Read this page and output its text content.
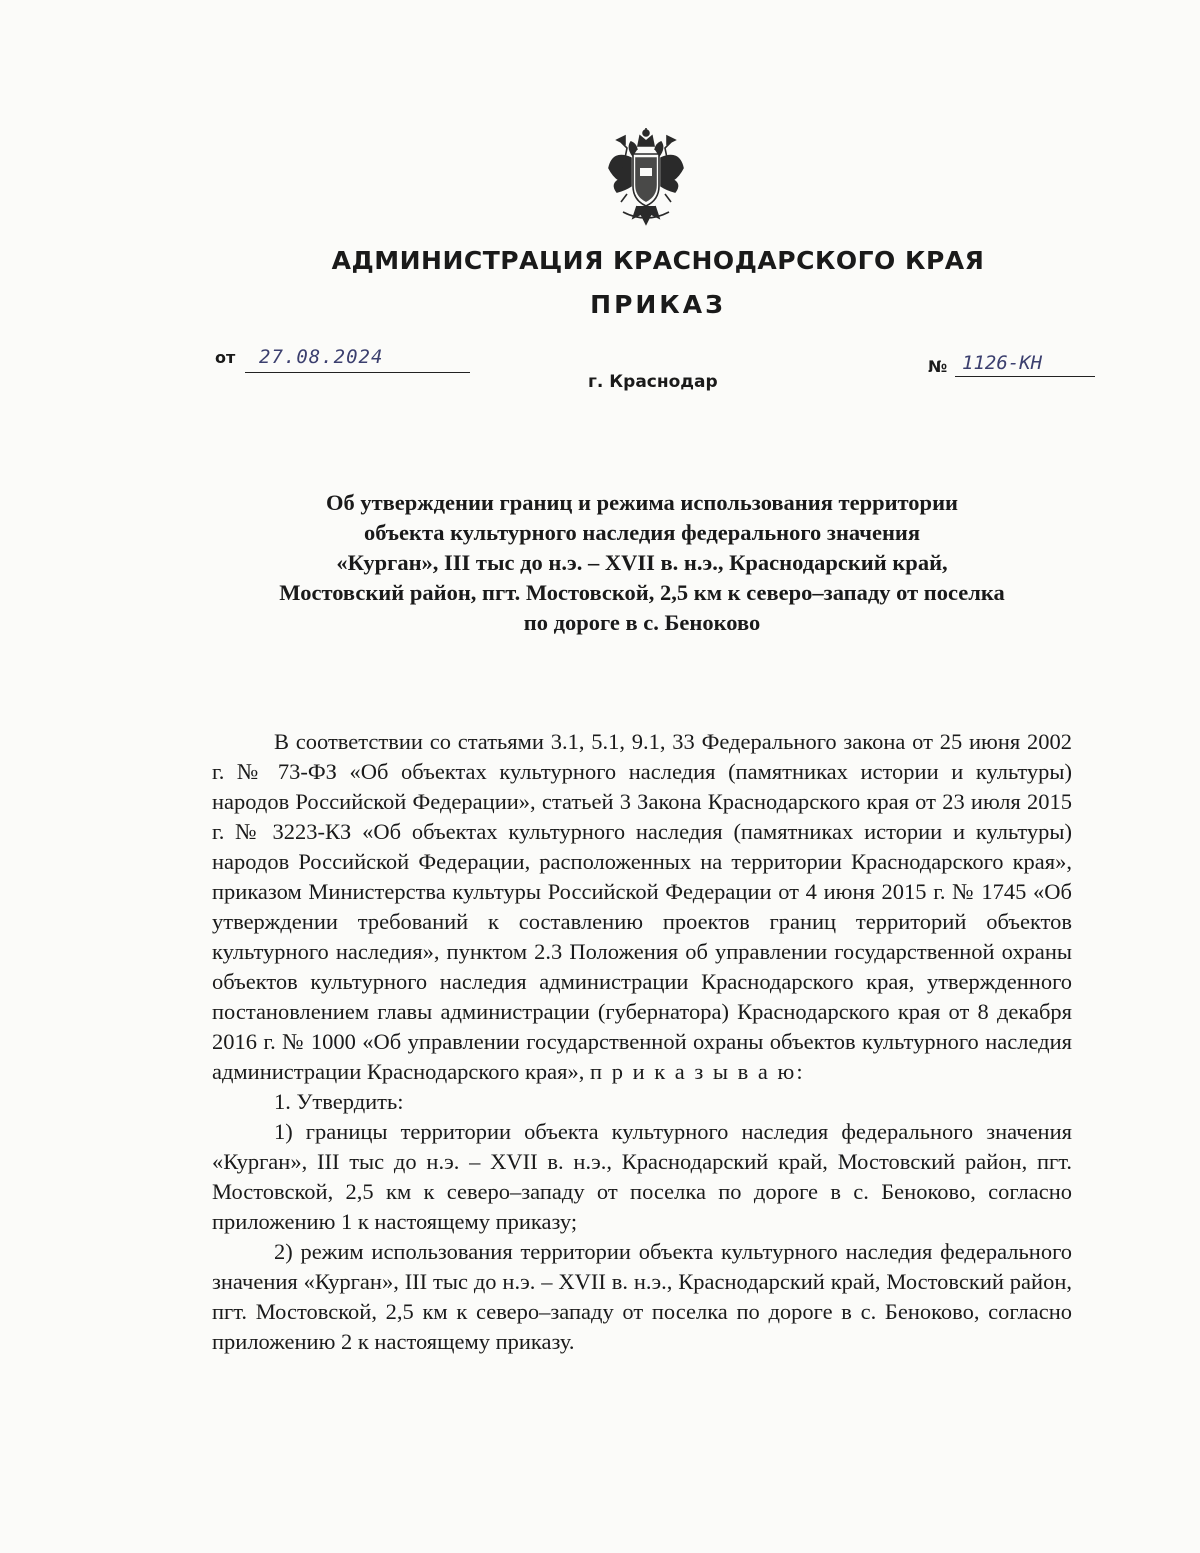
АДМИНИСТРАЦИЯ КРАСНОДАРСКОГО КРАЯ
ПРИКАЗ
от 27.08.2024
г. Краснодар
№ 1126-КН
Об утверждении границ и режима использования территории
объекта культурного наследия федерального значения
«Курган», III тыс до н.э. – XVII в. н.э., Краснодарский край,
Мостовский район, пгт. Мостовской, 2,5 км к северо–западу от поселка
по дороге в с. Беноково

В соответствии со статьями 3.1, 5.1, 9.1, 33 Федерального закона от 25 июня 2002 г. № 73-ФЗ «Об объектах культурного наследия (памятниках истории и культуры) народов Российской Федерации», статьей 3 Закона Краснодарского края от 23 июля 2015 г. № 3223-КЗ «Об объектах культурного наследия (памятниках истории и культуры) народов Российской Федерации, расположенных на территории Краснодарского края», приказом Министерства культуры Российской Федерации от 4 июня 2015 г. № 1745 «Об утверждении требований к составлению проектов границ территорий объектов культурного наследия», пунктом 2.3 Положения об управлении государственной охраны объектов культурного наследия администрации Краснодарского края, утвержденного постановлением главы администрации (губернатора) Краснодарского края от 8 декабря 2016 г. № 1000 «Об управлении государственной охраны объектов культурного наследия администрации Краснодарского края», п р и к а з ы в а ю:

1. Утвердить:

1) границы территории объекта культурного наследия федерального значения «Курган», III тыс до н.э. – XVII в. н.э., Краснодарский край, Мостовский район, пгт. Мостовской, 2,5 км к северо–западу от поселка по дороге в с. Беноково, согласно приложению 1 к настоящему приказу;

2) режим использования территории объекта культурного наследия федерального значения «Курган», III тыс до н.э. – XVII в. н.э., Краснодарский край, Мостовский район, пгт. Мостовской, 2,5 км к северо–западу от поселка по дороге в с. Беноково, согласно приложению 2 к настоящему приказу.
